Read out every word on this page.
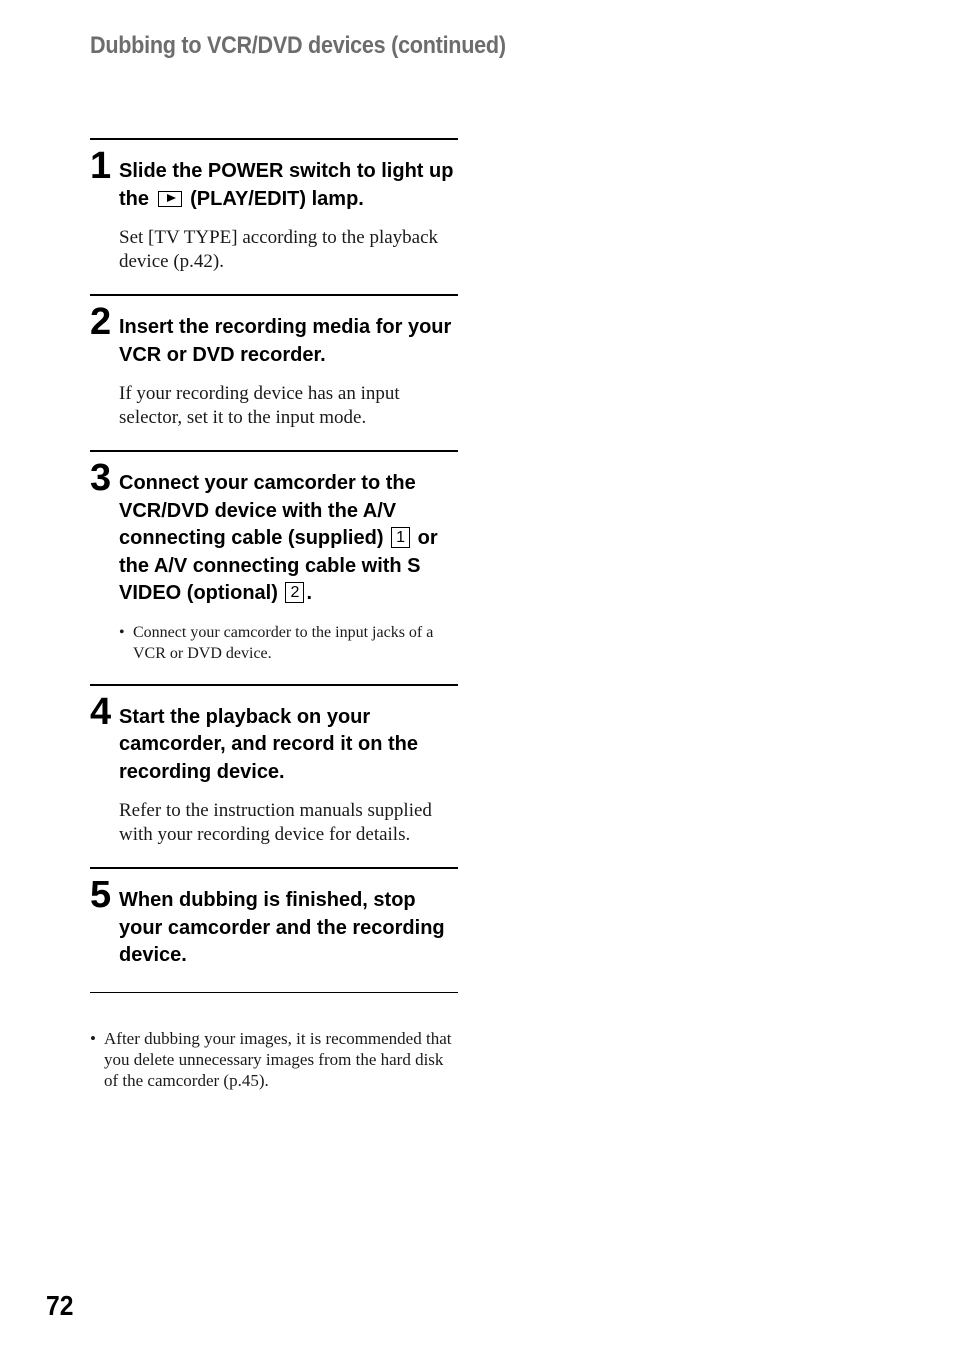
Dubbing to VCR/DVD devices (continued)
1 Slide the POWER switch to light up the (PLAY/EDIT) lamp.
Set [TV TYPE] according to the playback device (p.42).
2 Insert the recording media for your VCR or DVD recorder.
If your recording device has an input selector, set it to the input mode.
3 Connect your camcorder to the VCR/DVD device with the A/V connecting cable (supplied) 1 or the A/V connecting cable with S VIDEO (optional) 2 .
• Connect your camcorder to the input jacks of a VCR or DVD device.
4 Start the playback on your camcorder, and record it on the recording device.
Refer to the instruction manuals supplied with your recording device for details.
5 When dubbing is finished, stop your camcorder and the recording device.
• After dubbing your images, it is recommended that you delete unnecessary images from the hard disk of the camcorder (p.45).
72
